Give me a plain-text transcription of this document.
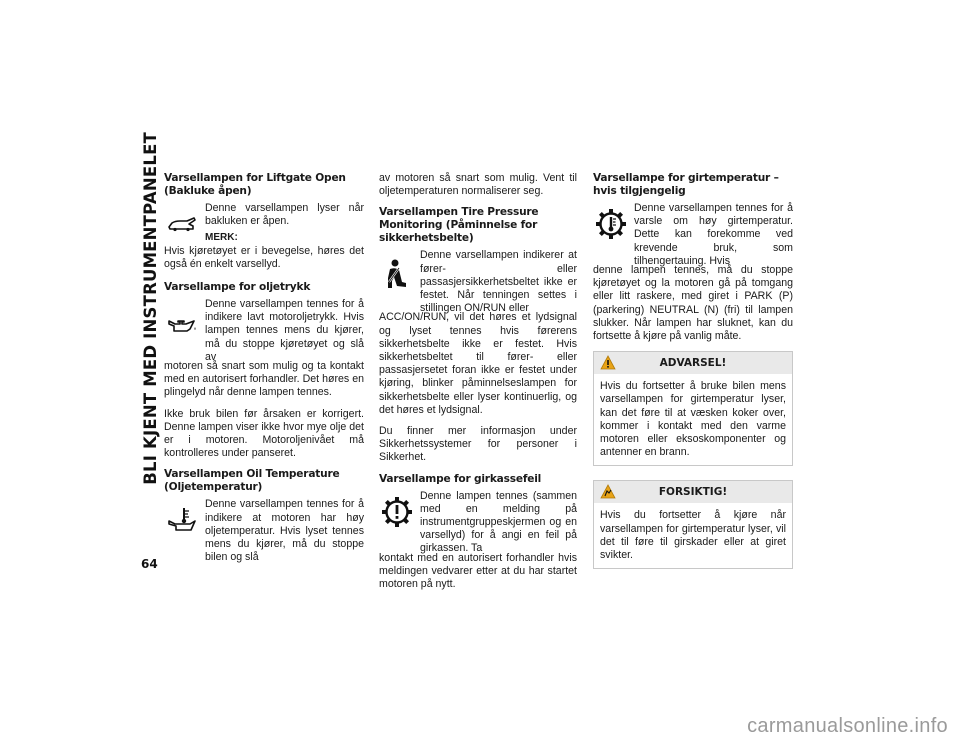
BLI KJENT MED INSTRUMENTPANELET
64
Varsellampen for Liftgate Open (Bakluke åpen)
Denne varsellampen lyser når bakluken er åpen.
MERK:

Hvis kjøretøyet er i bevegelse, høres det også én enkelt varsellyd.

Varsellampe for oljetrykk
Denne varsellampen tennes for å indikere lavt motoroljetrykk. Hvis lampen tennes mens du kjører, må du stoppe kjøretøyet og slå av

motoren så snart som mulig og ta kontakt med en autorisert forhandler. Det høres en plingelyd når denne lampen tennes.

Ikke bruk bilen før årsaken er korrigert. Denne lampen viser ikke hvor mye olje det er i motoren. Motoroljenivået må kontrolleres under panseret.

Varsellampen Oil Temperature (Oljetemperatur)
Denne varsellampen tennes for å indikere at motoren har høy oljetemperatur. Hvis lyset tennes mens du kjører, må du stoppe bilen og slå

av motoren så snart som mulig. Vent til oljetemperaturen normaliserer seg.

Varsellampen Tire Pressure Monitoring (Påminnelse for sikkerhetsbelte)
Denne varsellampen indikerer at fører- eller passasjersikkerhetsbeltet ikke er festet. Når tenningen settes i stillingen ON/RUN eller

ACC/ON/RUN, vil det høres et lydsignal og lyset tennes hvis førerens sikkerhetsbelte ikke er festet. Hvis sikkerhetsbeltet til fører- eller passasjersetet foran ikke er festet under kjøring, blinker påminnelseslampen for sikkerhetsbelte eller lyser kontinuerlig, og det høres et lydsignal.

Du finner mer informasjon under Sikkerhetssystemer for personer i Sikkerhet.

Varsellampe for girkassefeil
Denne lampen tennes (sammen med en melding på instrumentgruppeskjermen og en varsellyd) for å angi en feil på girkassen. Ta

kontakt med en autorisert forhandler hvis meldingen vedvarer etter at du har startet motoren på nytt.

Varsellampe for girtemperatur – hvis tilgjengelig
Denne varsellampen tennes for å varsle om høy girtemperatur. Dette kan forekomme ved krevende bruk, som tilhengertauing. Hvis

denne lampen tennes, må du stoppe kjøretøyet og la motoren gå på tomgang eller litt raskere, med giret i PARK (P) (parkering) NEUTRAL (N) (fri) til lampen slukker. Når lampen har sluknet, kan du fortsette å kjøre på vanlig måte.

ADVARSEL!
Hvis du fortsetter å bruke bilen mens varsellampen for girtemperatur lyser, kan det føre til at væsken koker over, kommer i kontakt med den varme motoren eller eksoskomponenter og antenner en brann.
FORSIKTIG!
Hvis du fortsetter å kjøre når varsellampen for girtemperatur lyser, vil det til føre til girskader eller at giret svikter.
carmanualsonline.info
